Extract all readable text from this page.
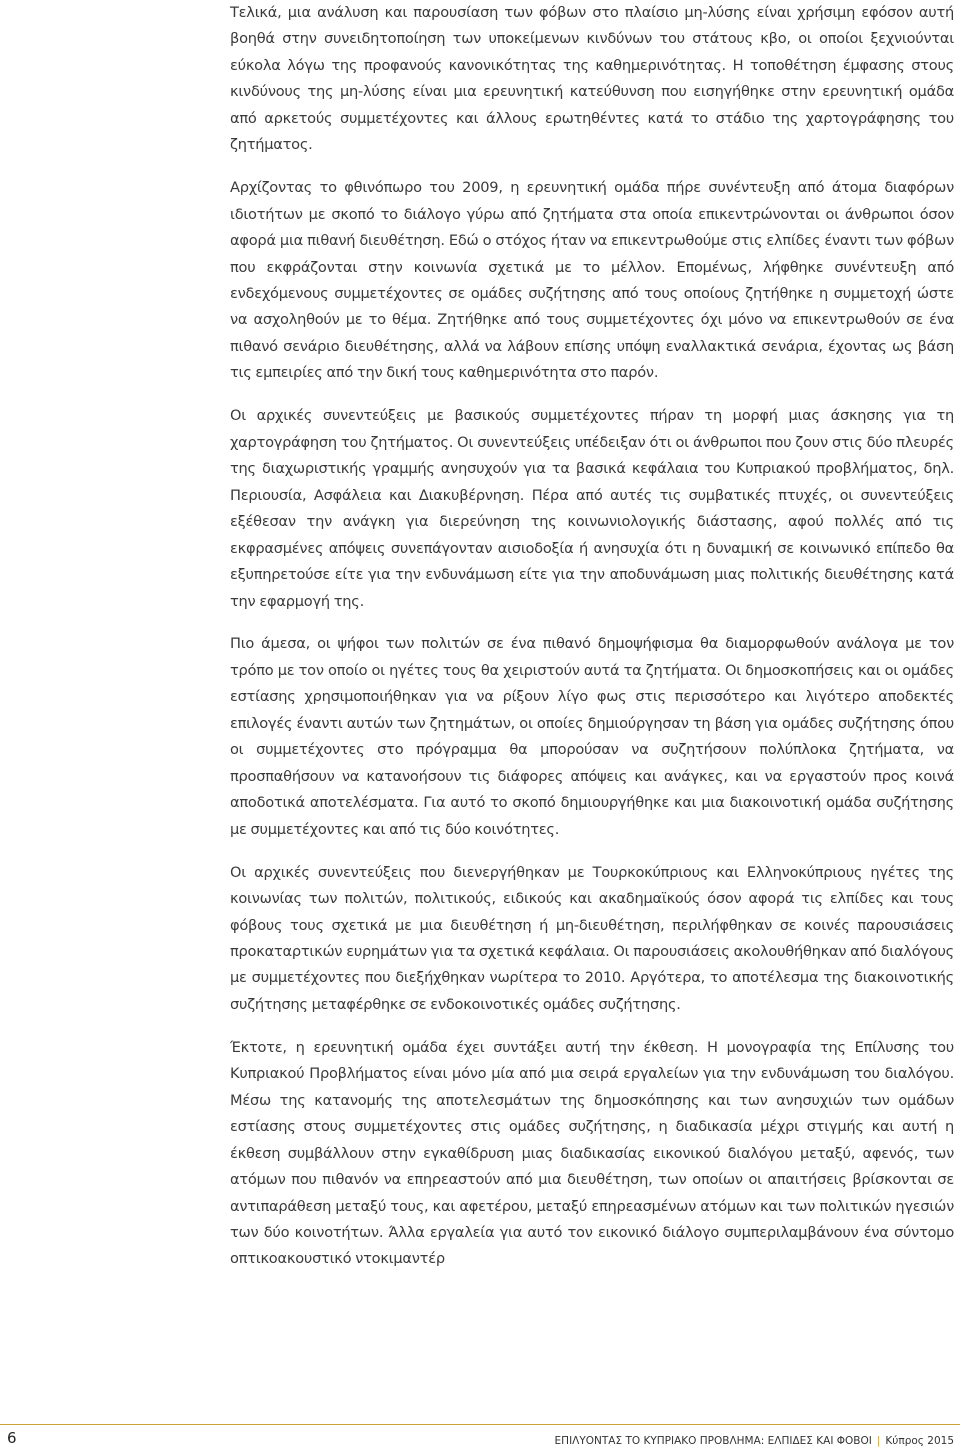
Τελικά, μια ανάλυση και παρουσίαση των φόβων στο πλαίσιο μη-λύσης είναι χρήσιμη εφόσον αυτή βοηθά στην συνειδητοποίηση των υποκείμενων κινδύνων του στάτους κβο, οι οποίοι ξεχνιούνται εύκολα λόγω της προφανούς κανονικότητας της καθημερινότητας. Η τοποθέτηση έμφασης στους κινδύνους της μη-λύσης είναι μια ερευνητική κατεύθυνση που εισηγήθηκε στην ερευνητική ομάδα από αρκετούς συμμετέχοντες και άλλους ερωτηθέντες κατά το στάδιο της χαρτογράφησης του ζητήματος.

Αρχίζοντας το φθινόπωρο του 2009, η ερευνητική ομάδα πήρε συνέντευξη από άτομα διαφόρων ιδιοτήτων με σκοπό το διάλογο γύρω από ζητήματα στα οποία επικεντρώνονται οι άνθρωποι όσον αφορά μια πιθανή διευθέτηση. Εδώ ο στόχος ήταν να επικεντρωθούμε στις ελπίδες έναντι των φόβων που εκφράζονται στην κοινωνία σχετικά με το μέλλον. Επομένως, λήφθηκε συνέντευξη από ενδεχόμενους συμμετέχοντες σε ομάδες συζήτησης από τους οποίους ζητήθηκε η συμμετοχή ώστε να ασχοληθούν με το θέμα. Ζητήθηκε από τους συμμετέχοντες όχι μόνο να επικεντρωθούν σε ένα πιθανό σενάριο διευθέτησης, αλλά να λάβουν επίσης υπόψη εναλλακτικά σενάρια, έχοντας ως βάση τις εμπειρίες από την δική τους καθημερινότητα στο παρόν.

Οι αρχικές συνεντεύξεις με βασικούς συμμετέχοντες πήραν τη μορφή μιας άσκησης για τη χαρτογράφηση του ζητήματος. Οι συνεντεύξεις υπέδειξαν ότι οι άνθρωποι που ζουν στις δύο πλευρές της διαχωριστικής γραμμής ανησυχούν για τα βασικά κεφάλαια του Κυπριακού προβλήματος, δηλ. Περιουσία, Ασφάλεια και Διακυβέρνηση. Πέρα από αυτές τις συμβατικές πτυχές, οι συνεντεύξεις εξέθεσαν την ανάγκη για διερεύνηση της κοινωνιολογικής διάστασης, αφού πολλές από τις εκφρασμένες απόψεις συνεπάγονταν αισιοδοξία ή ανησυχία ότι η δυναμική σε κοινωνικό επίπεδο θα εξυπηρετούσε είτε για την ενδυνάμωση είτε για την αποδυνάμωση μιας πολιτικής διευθέτησης κατά την εφαρμογή της.

Πιο άμεσα, οι ψήφοι των πολιτών σε ένα πιθανό δημοψήφισμα θα διαμορφωθούν ανάλογα με τον τρόπο με τον οποίο οι ηγέτες τους θα χειριστούν αυτά τα ζητήματα. Οι δημοσκοπήσεις και οι ομάδες εστίασης χρησιμοποιήθηκαν για να ρίξουν λίγο φως στις περισσότερο και λιγότερο αποδεκτές επιλογές έναντι αυτών των ζητημάτων, οι οποίες δημιούργησαν τη βάση για ομάδες συζήτησης όπου οι συμμετέχοντες στο πρόγραμμα θα μπορούσαν να συζητήσουν πολύπλοκα ζητήματα, να προσπαθήσουν να κατανοήσουν τις διάφορες απόψεις και ανάγκες, και να εργαστούν προς κοινά αποδοτικά αποτελέσματα. Για αυτό το σκοπό δημιουργήθηκε και μια διακοινοτική ομάδα συζήτησης με συμμετέχοντες και από τις δύο κοινότητες.

Οι αρχικές συνεντεύξεις που διενεργήθηκαν με Τουρκοκύπριους και Ελληνοκύπριους ηγέτες της κοινωνίας των πολιτών, πολιτικούς, ειδικούς και ακαδημαϊκούς όσον αφορά τις ελπίδες και τους φόβους τους σχετικά με μια διευθέτηση ή μη-διευθέτηση, περιλήφθηκαν σε κοινές παρουσιάσεις προκαταρτικών ευρημάτων για τα σχετικά κεφάλαια. Οι παρουσιάσεις ακολουθήθηκαν από διαλόγους με συμμετέχοντες που διεξήχθηκαν νωρίτερα το 2010. Αργότερα, το αποτέλεσμα της διακοινοτικής συζήτησης μεταφέρθηκε σε ενδοκοινοτικές ομάδες συζήτησης.

Έκτοτε, η ερευνητική ομάδα έχει συντάξει αυτή την έκθεση. Η μονογραφία της Επίλυσης του Κυπριακού Προβλήματος είναι μόνο μία από μια σειρά εργαλείων για την ενδυνάμωση του διαλόγου. Μέσω της κατανομής της αποτελεσμάτων της δημοσκόπησης και των ανησυχιών των ομάδων εστίασης στους συμμετέχοντες στις ομάδες συζήτησης, η διαδικασία μέχρι στιγμής και αυτή η έκθεση συμβάλλουν στην εγκαθίδρυση μιας διαδικασίας εικονικού διαλόγου μεταξύ, αφενός, των ατόμων που πιθανόν να επηρεαστούν από μια διευθέτηση, των οποίων οι απαιτήσεις βρίσκονται σε αντιπαράθεση μεταξύ τους, και αφετέρου, μεταξύ επηρεασμένων ατόμων και των πολιτικών ηγεσιών των δύο κοινοτήτων. Άλλα εργαλεία για αυτό τον εικονικό διάλογο συμπεριλαμβάνουν ένα σύντομο οπτικοακουστικό ντοκιμαντέρ

6	ΕΠΙΛΥΟΝΤΑΣ ΤΟ ΚΥΠΡΙΑΚΟ ΠΡΟΒΛΗΜΑ: ΕΛΠΙΔΕΣ ΚΑΙ ΦΟΒΟΙ | Κύπρος 2015
